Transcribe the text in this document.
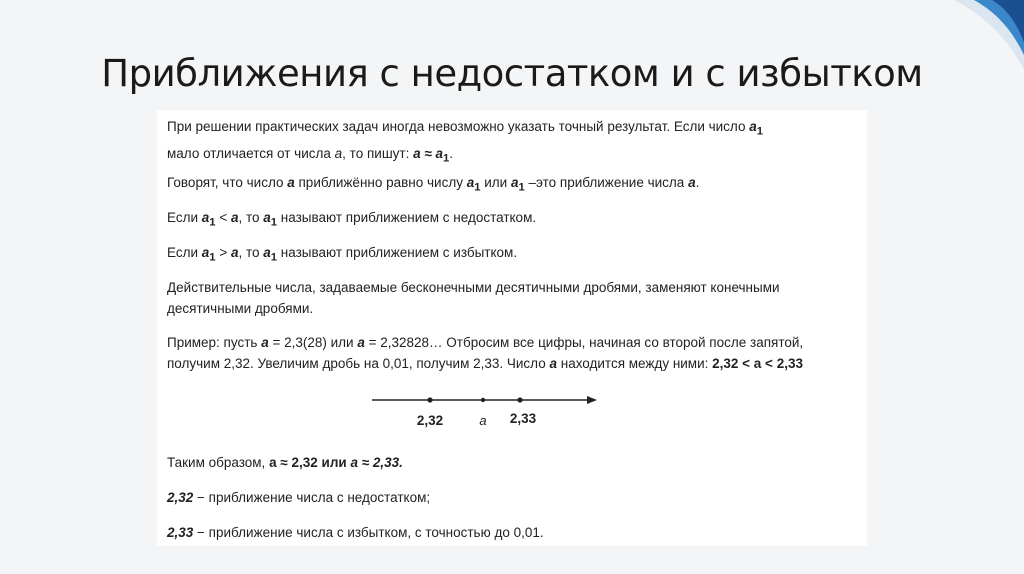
Приближения с недостатком и с избытком
При решении практических задач иногда невозможно указать точный результат. Если число $a_1$
мало отличается от числа a, то пишут: $a \approx a_1$.
Говорят, что число a приближённо равно числу $a_1$ или $a_1$ –это приближение числа a.
Если $a_1 < a$, то $a_1$ называют приближением с недостатком.
Если $a_1 > a$, то $a_1$ называют приближением с избытком.
Действительные числа, задаваемые бесконечными десятичными дробями, заменяют конечными
десятичными дробями.
Пример: пусть a = 2,3(28) или a = 2,32828… Отбросим все цифры, начиная со второй после запятой,
получим 2,32. Увеличим дробь на 0,01, получим 2,33. Число a находится между ними: 2,32 < a < 2,33
2,32	a 2,33
Таким образом, a ≈ 2,32 или a ≈ 2,33.
2,32 − приближение числа с недостатком;
2,33 − приближение числа с избытком, с точностью до 0,01.
